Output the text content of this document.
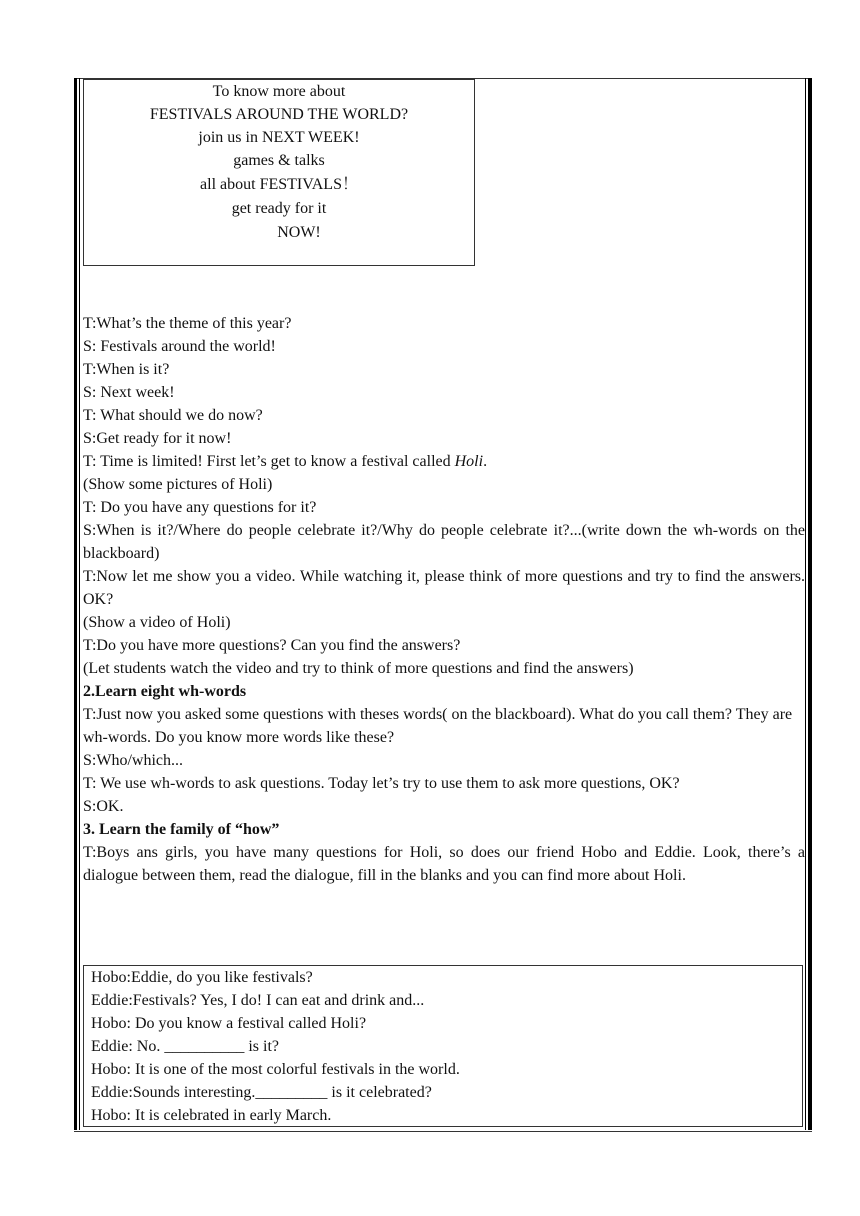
To know more about
FESTIVALS AROUND THE WORLD?
join us in NEXT WEEK!
games & talks
all about FESTIVALS！
get ready for it
NOW!

T:What’s the theme of this year?

S: Festivals around the world!

T:When is it?

S: Next week!

T: What should we do now?

S:Get ready for it now!

T: Time is limited! First let’s get to know a festival called Holi.

(Show some pictures of Holi)

T: Do you have any questions for it?

S:When is it?/Where do people celebrate it?/Why do people celebrate it?...(write down the wh-words on the blackboard)

T:Now let me show you a video. While watching it, please think of more questions and try to find the answers. OK?

(Show a video of Holi)

T:Do you have more questions? Can you find the answers?

(Let students watch the video and try to think of more questions and find the answers)

2.Learn eight wh-words

T:Just now you asked some questions with theses words( on the blackboard). What do you call them? They are wh-words. Do you know more words like these?

S:Who/which...

T: We use wh-words to ask questions. Today let’s try to use them to ask more questions, OK?

S:OK.

3. Learn the family of “how”

T:Boys ans girls, you have many questions for Holi, so does our friend Hobo and Eddie. Look, there’s a dialogue between them, read the dialogue, fill in the blanks and you can find more about Holi.

Hobo:Eddie, do you like festivals?

Eddie:Festivals? Yes, I do! I can eat and drink and...

Hobo: Do you know a festival called Holi?

Eddie: No. __________ is it?

Hobo: It is one of the most colorful festivals in the world.

Eddie:Sounds interesting._________ is it celebrated?

Hobo: It is celebrated in early March.
